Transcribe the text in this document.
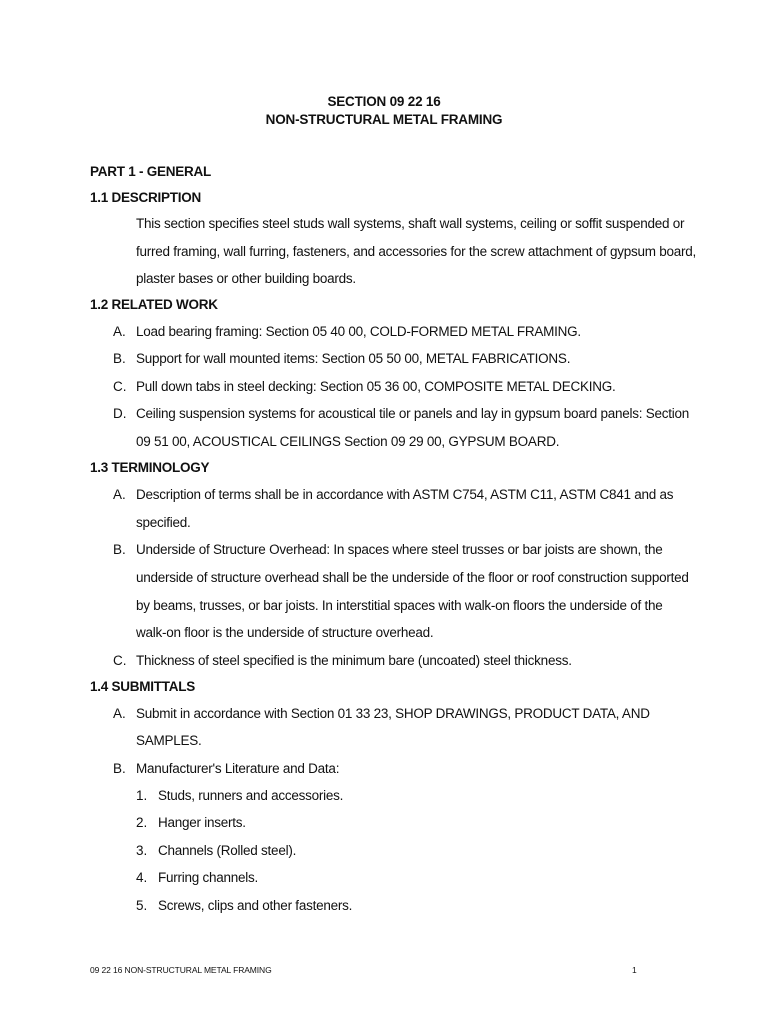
SECTION 09 22 16
NON-STRUCTURAL METAL FRAMING
PART 1 - GENERAL
1.1 DESCRIPTION
This section specifies steel studs wall systems, shaft wall systems, ceiling or soffit suspended or
furred framing, wall furring, fasteners, and accessories for the screw attachment of gypsum board,
plaster bases or other building boards.
1.2 RELATED WORK
A. Load bearing framing: Section 05 40 00, COLD-FORMED METAL FRAMING.
B. Support for wall mounted items: Section 05 50 00, METAL FABRICATIONS.
C. Pull down tabs in steel decking: Section 05 36 00, COMPOSITE METAL DECKING.
D. Ceiling suspension systems for acoustical tile or panels and lay in gypsum board panels: Section
09 51 00, ACOUSTICAL CEILINGS Section 09 29 00, GYPSUM BOARD.
1.3 TERMINOLOGY
A. Description of terms shall be in accordance with ASTM C754, ASTM C11, ASTM C841 and as
specified.
B. Underside of Structure Overhead: In spaces where steel trusses or bar joists are shown, the
underside of structure overhead shall be the underside of the floor or roof construction supported
by beams, trusses, or bar joists. In interstitial spaces with walk-on floors the underside of the
walk-on floor is the underside of structure overhead.
C. Thickness of steel specified is the minimum bare (uncoated) steel thickness.
1.4 SUBMITTALS
A. Submit in accordance with Section 01 33 23, SHOP DRAWINGS, PRODUCT DATA, AND
SAMPLES.
B. Manufacturer's Literature and Data:
1. Studs, runners and accessories.
2. Hanger inserts.
3. Channels (Rolled steel).
4. Furring channels.
5. Screws, clips and other fasteners.
09 22 16 NON-STRUCTURAL METAL FRAMING	1
